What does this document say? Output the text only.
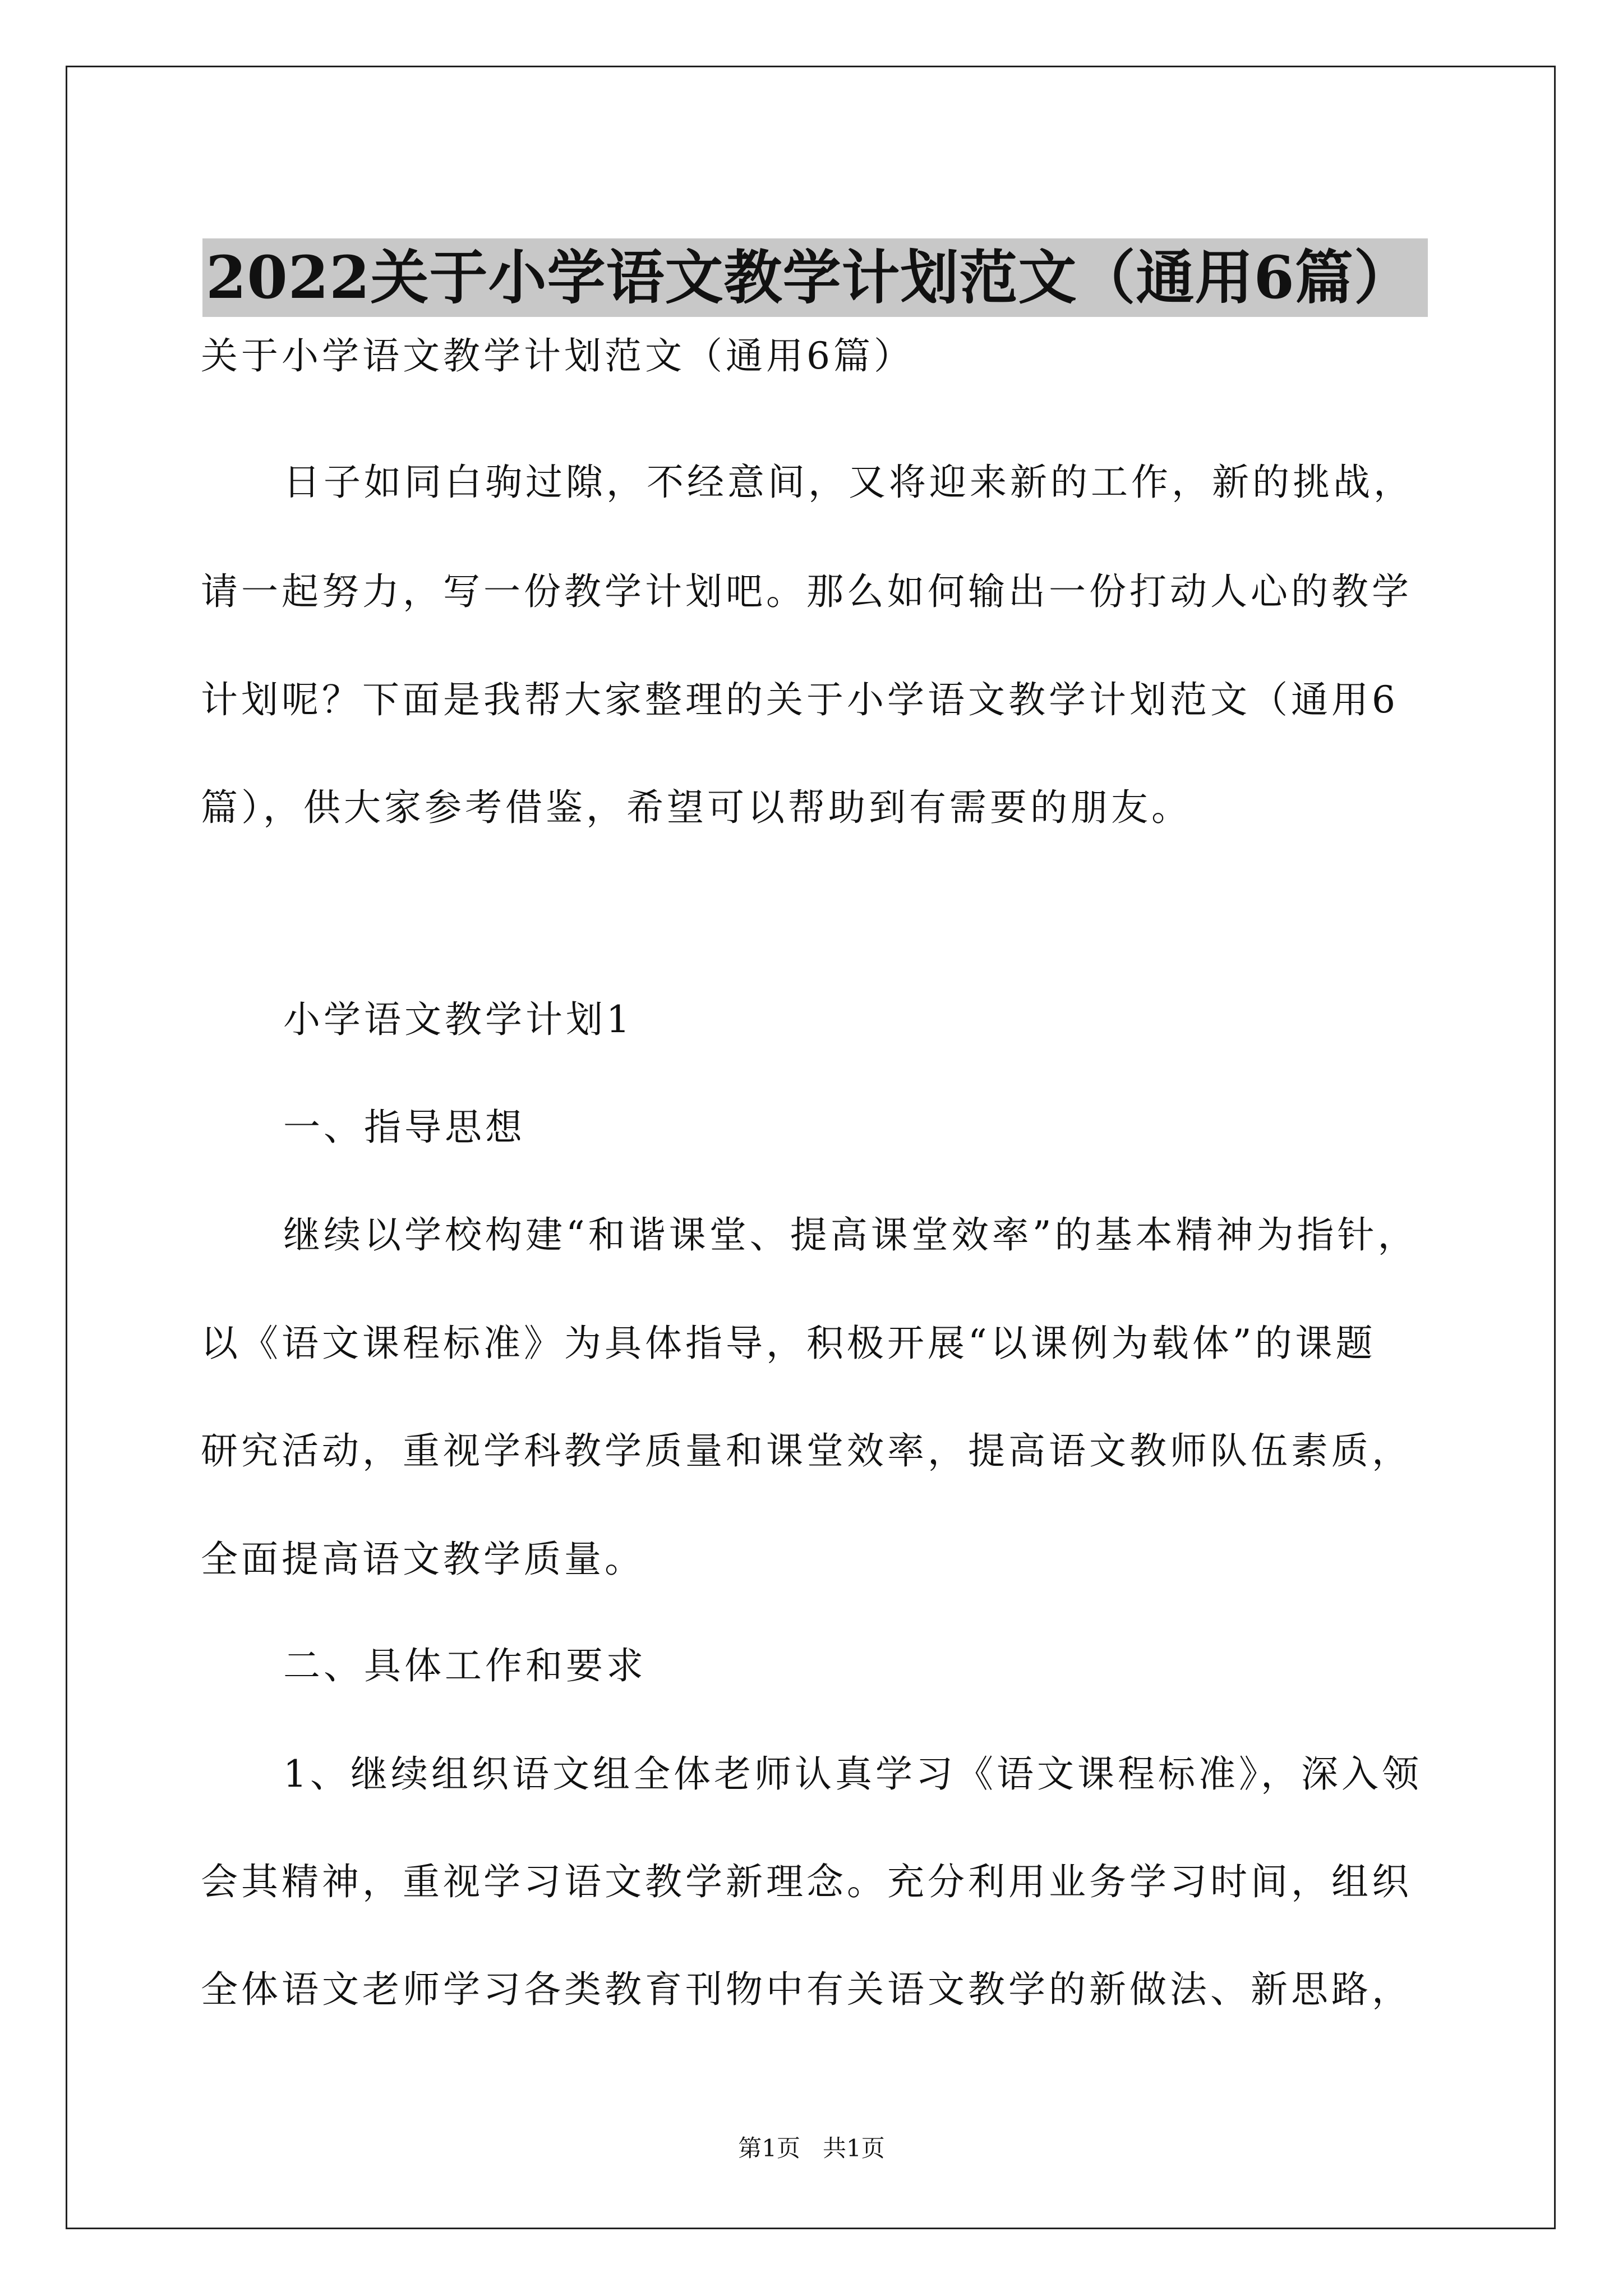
2022关于小学语文教学计划范文（通用6篇）

关于小学语文教学计划范文（通用6篇）

日子如同白驹过隙，不经意间，又将迎来新的工作，新的挑战，

请一起努力，写一份教学计划吧。那么如何输出一份打动人心的教学

计划呢？下面是我帮大家整理的关于小学语文教学计划范文（通用6

篇），供大家参考借鉴，希望可以帮助到有需要的朋友。

小学语文教学计划1

一、指导思想

继续以学校构建“和谐课堂、提高课堂效率”的基本精神为指针，

以《语文课程标准》为具体指导，积极开展“以课例为载体”的课题

研究活动，重视学科教学质量和课堂效率，提高语文教师队伍素质，

全面提高语文教学质量。

二、具体工作和要求

1、继续组织语文组全体老师认真学习《语文课程标准》，深入领

会其精神，重视学习语文教学新理念。充分利用业务学习时间，组织

全体语文老师学习各类教育刊物中有关语文教学的新做法、新思路，

第1页   共1页
